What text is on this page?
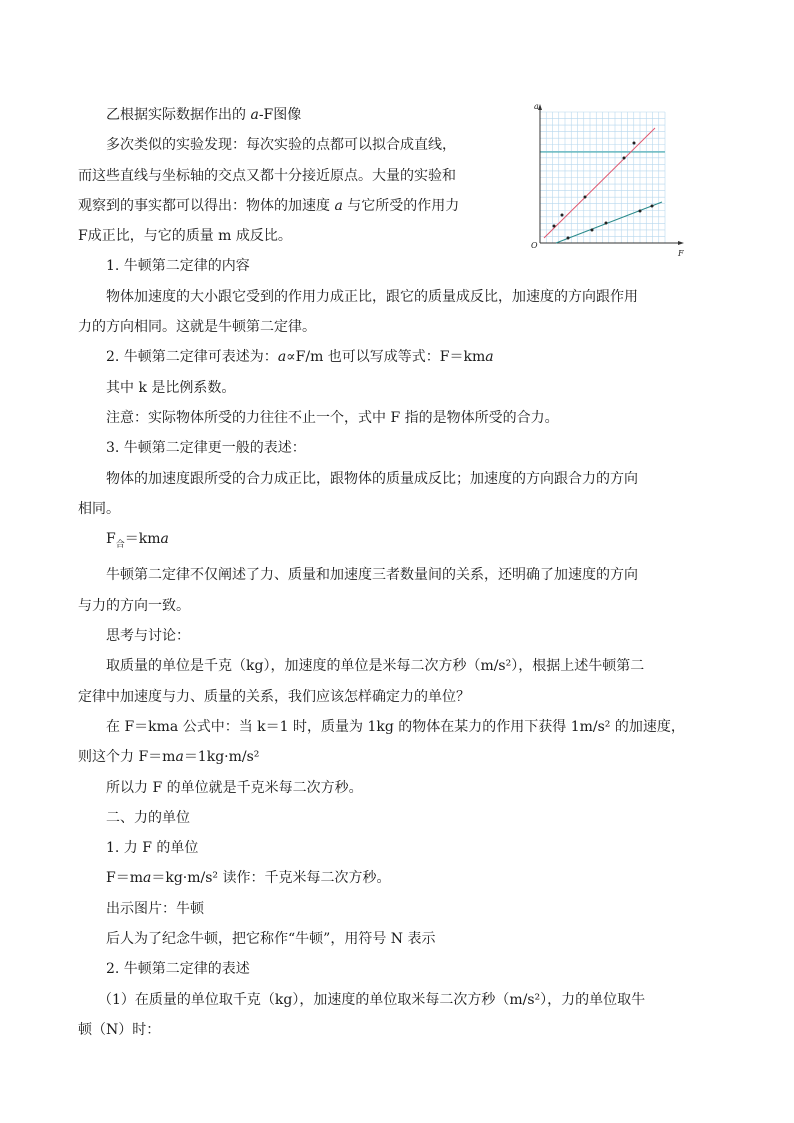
a
F
O

乙根据实际数据作出的 a-F图像

多次类似的实验发现：每次实验的点都可以拟合成直线，

而这些直线与坐标轴的交点又都十分接近原点。大量的实验和

观察到的事实都可以得出：物体的加速度 a 与它所受的作用力

F成正比，与它的质量 m 成反比。

1. 牛顿第二定律的内容

物体加速度的大小跟它受到的作用力成正比，跟它的质量成反比，加速度的方向跟作用

力的方向相同。这就是牛顿第二定律。

2. 牛顿第二定律可表述为：a∝F/m 也可以写成等式：F＝kma

其中 k 是比例系数。

注意：实际物体所受的力往往不止一个，式中 F 指的是物体所受的合力。

3. 牛顿第二定律更一般的表述：

物体的加速度跟所受的合力成正比，跟物体的质量成反比；加速度的方向跟合力的方向

相同。

$F_合=kma$

牛顿第二定律不仅阐述了力、质量和加速度三者数量间的关系，还明确了加速度的方向

与力的方向一致。

思考与讨论：

取质量的单位是千克（kg），加速度的单位是米每二次方秒（m/s²），根据上述牛顿第二

定律中加速度与力、质量的关系，我们应该怎样确定力的单位？

在 F＝kma 公式中：当 k＝1 时，质量为 1kg 的物体在某力的作用下获得 1m/s² 的加速度，

则这个力 F＝ma＝1kg·m/s²

所以力 F 的单位就是千克米每二次方秒。

二、力的单位

1. 力 F 的单位

F＝ma＝kg·m/s² 读作：千克米每二次方秒。

出示图片：牛顿

后人为了纪念牛顿，把它称作“牛顿”，用符号 N 表示

2. 牛顿第二定律的表述

（1）在质量的单位取千克（kg），加速度的单位取米每二次方秒（m/s²），力的单位取牛

顿（N）时：
